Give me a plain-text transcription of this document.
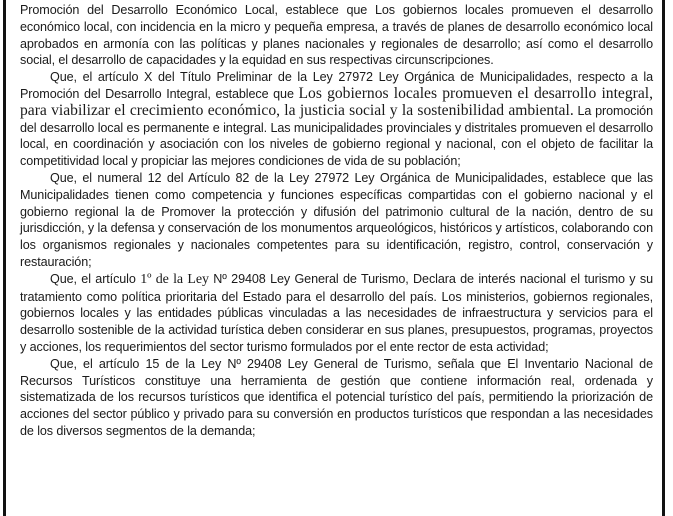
Promoción del Desarrollo Económico Local, establece que Los gobiernos locales promueven el desarrollo económico local, con incidencia en la micro y pequeña empresa, a través de planes de desarrollo económico local aprobados en armonía con las políticas y planes nacionales y regionales de desarrollo; así como el desarrollo social, el desarrollo de capacidades y la equidad en sus respectivas circunscripciones.

Que, el artículo X del Título Preliminar de la Ley 27972 Ley Orgánica de Municipalidades, respecto a la Promoción del Desarrollo Integral, establece que Los gobiernos locales promueven el desarrollo integral, para viabilizar el crecimiento económico, la justicia social y la sostenibilidad ambiental. La promoción del desarrollo local es permanente e integral. Las municipalidades provinciales y distritales promueven el desarrollo local, en coordinación y asociación con los niveles de gobierno regional y nacional, con el objeto de facilitar la competitividad local y propiciar las mejores condiciones de vida de su población;

Que, el numeral 12 del Artículo 82 de la Ley 27972 Ley Orgánica de Municipalidades, establece que las Municipalidades tienen como competencia y funciones específicas compartidas con el gobierno nacional y el gobierno regional la de Promover la protección y difusión del patrimonio cultural de la nación, dentro de su jurisdicción, y la defensa y conservación de los monumentos arqueológicos, históricos y artísticos, colaborando con los organismos regionales y nacionales competentes para su identificación, registro, control, conservación y restauración;

Que, el artículo 1º de la Ley Nº 29408 Ley General de Turismo, Declara de interés nacional el turismo y su tratamiento como política prioritaria del Estado para el desarrollo del país. Los ministerios, gobiernos regionales, gobiernos locales y las entidades públicas vinculadas a las necesidades de infraestructura y servicios para el desarrollo sostenible de la actividad turística deben considerar en sus planes, presupuestos, programas, proyectos y acciones, los requerimientos del sector turismo formulados por el ente rector de esta actividad;

Que, el artículo 15 de la Ley Nº 29408 Ley General de Turismo, señala que El Inventario Nacional de Recursos Turísticos constituye una herramienta de gestión que contiene información real, ordenada y sistematizada de los recursos turísticos que identifica el potencial turístico del país, permitiendo la priorización de acciones del sector público y privado para su conversión en productos turísticos que respondan a las necesidades de los diversos segmentos de la demanda;
